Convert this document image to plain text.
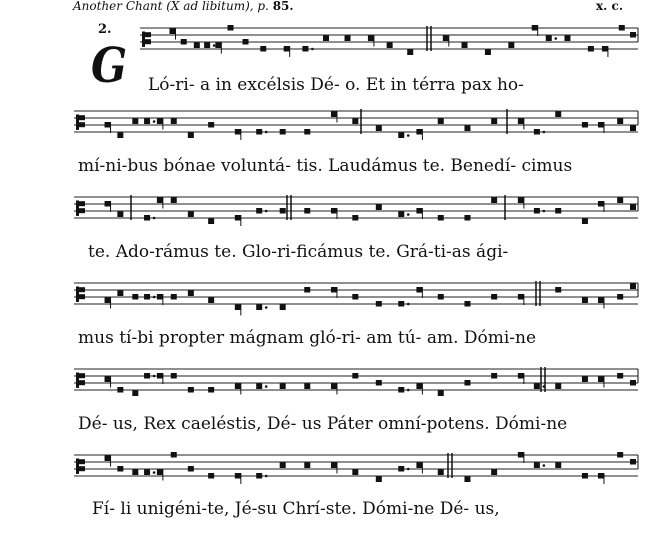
Another Chant (X ad libitum), p. 85.	x. c.
2.
G Ló-ri- a in excélsis Dé- o. Et in térra pax ho-
mí-ni-bus bónae voluntá- tis. Laudámus te. Benedí- cimus
te. Ado-rámus te. Glo-ri-ficámus te. Grá-ti-as ági-
mus tí-bi propter mágnam gló-ri- am tú- am. Dómi-ne
Dé- us, Rex caeléstis, Dé- us Páter omní-potens. Dómi-ne
Fí- li unigéni-te, Jé-su Chrí-ste. Dómi-ne Dé- us,
